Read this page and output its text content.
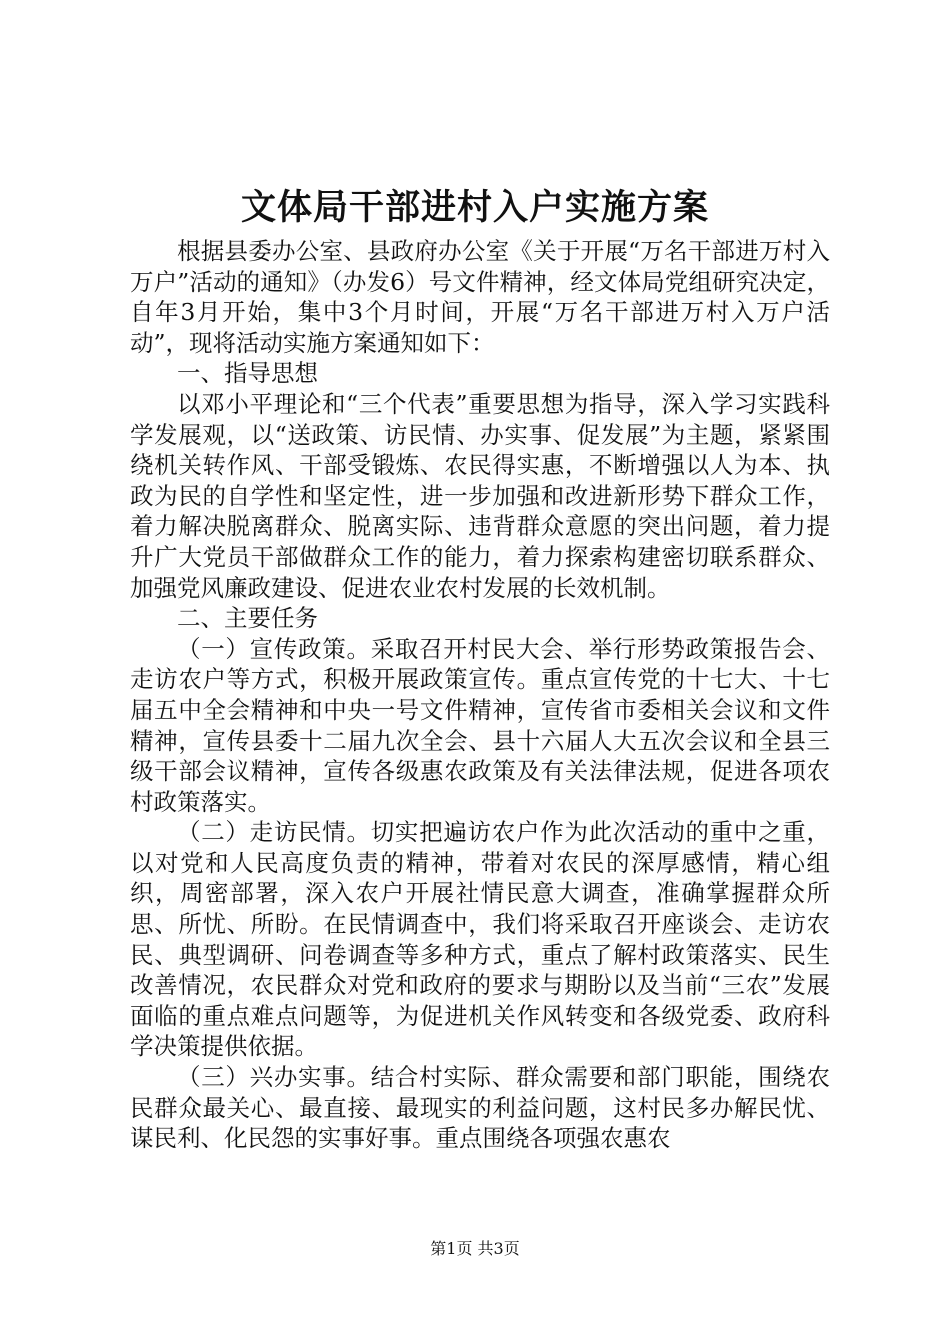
文体局干部进村入户实施方案

根据县委办公室、县政府办公室《关于开展“万名干部进万村入万户”活动的通知》（办发6）号文件精神，经文体局党组研究决定，自年3月开始，集中3个月时间，开展“万名干部进万村入万户活动”，现将活动实施方案通知如下：

一、指导思想

以邓小平理论和“三个代表”重要思想为指导，深入学习实践科学发展观，以“送政策、访民情、办实事、促发展”为主题，紧紧围绕机关转作风、干部受锻炼、农民得实惠，不断增强以人为本、执政为民的自学性和坚定性，进一步加强和改进新形势下群众工作，着力解决脱离群众、脱离实际、违背群众意愿的突出问题，着力提升广大党员干部做群众工作的能力，着力探索构建密切联系群众、加强党风廉政建设、促进农业农村发展的长效机制。

二、主要任务

（一）宣传政策。采取召开村民大会、举行形势政策报告会、走访农户等方式，积极开展政策宣传。重点宣传党的十七大、十七届五中全会精神和中央一号文件精神，宣传省市委相关会议和文件精神，宣传县委十二届九次全会、县十六届人大五次会议和全县三级干部会议精神，宣传各级惠农政策及有关法律法规，促进各项农村政策落实。

（二）走访民情。切实把遍访农户作为此次活动的重中之重，以对党和人民高度负责的精神，带着对农民的深厚感情，精心组织，周密部署，深入农户开展社情民意大调查，准确掌握群众所思、所忧、所盼。在民情调查中，我们将采取召开座谈会、走访农民、典型调研、问卷调查等多种方式，重点了解村政策落实、民生改善情况，农民群众对党和政府的要求与期盼以及当前“三农”发展面临的重点难点问题等，为促进机关作风转变和各级党委、政府科学决策提供依据。

（三）兴办实事。结合村实际、群众需要和部门职能，围绕农民群众最关心、最直接、最现实的利益问题，这村民多办解民忧、谋民利、化民怨的实事好事。重点围绕各项强农惠农

第1页 共3页
